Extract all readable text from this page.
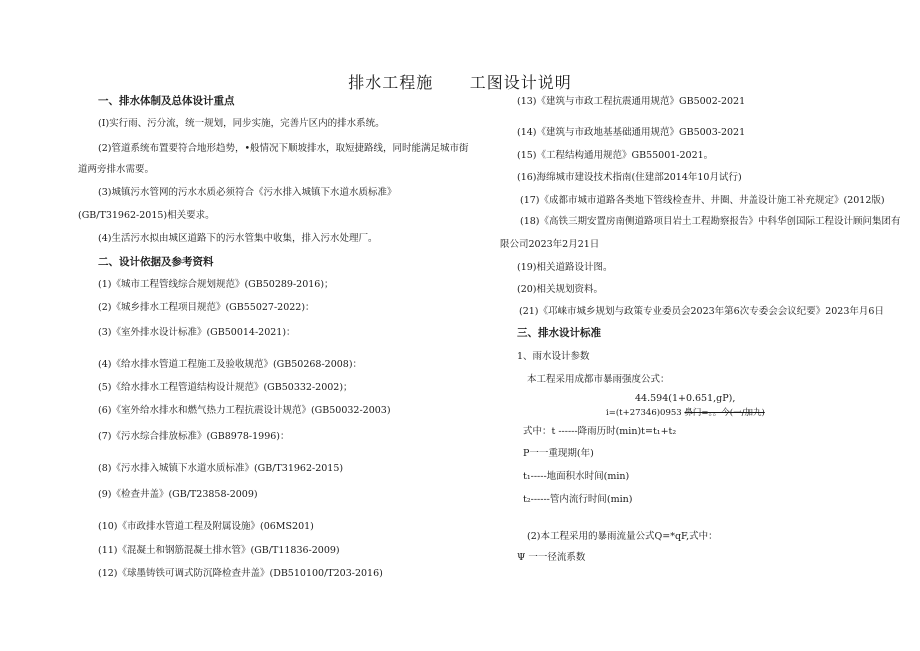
排水工程施      工图设计说明
一、排水体制及总体设计重点
(I)实行雨、污分流，统一规划，同步实施，完善片区内的排水系统。
(2)管道系统布置要符合地形趋势，•般情况下顺坡排水，取短捷路线，同时能满足城市街
道两旁排水需要。
(3)城镇污水管网的污水水质必须符合《污水排入城镇下水道水质标准》
(GB/T31962-2015)相关要求。
(4)生活污水拟由城区道路下的污水管集中收集，排入污水处理厂。
二、设计依据及参考资料
(1)《城市工程管线综合规划规范》(GB50289-2016)；
(2)《城乡排水工程项目规范》(GB55027-2022)：
(3)《室外排水设计标准》(GB50014-2021)：
(4)《给水排水管道工程施工及验收规范》(GB50268-2008)：
(5)《给水排水工程管道结构设计规范》(GB50332-2002)；
(6)《室外给水排水和燃气热力工程抗震设计规范》(GB50032-2003)
(7)《污水综合排放标准》(GB8978-1996)：
(8)《污水排入城镇下水道水质标准》(GB/T31962-2015)
(9)《检查井盖》(GB/T23858-2009)
(10)《市政排水管道工程及附属设施》(06MS201)
(11)《混凝土和钢筋混凝土排水管》(GB/T11836-2009)
(12)《球墨铸铁可调式防沉降检查井盖》(DB510100/T203-2016)
(13)《建筑与市政工程抗震通用规范》GB5002-2021
(14)《建筑与市政地基基础通用规范》GB5003-2021
(15)《工程结构通用规范》GB55001-2021。
(16)海绵城市建设技术指南(住建部2014年10月试行)
(17)《成都市城市道路各类地下管线检查井、井圈、井盖设计施工补充规定》(2012版)
(18)《高铁三期安置房南侧道路项目岩土工程勘察报告》中科华创国际工程设计顾问集团有
限公司2023年2月21日
(19)相关道路设计图。
(20)相关规划资料。
(21)《邛崃市城乡规划与政策专业委员会2023年第6次专委会会议纪要》2023年月6日
三、排水设计标准
1、雨水设计参数
本工程采用成都市暴雨强度公式：
44.594(1+0.651,gP),
i=(t+27346)0953 鼻门=。。今(一/加九)
式中：t ------降雨历时(min)t=t₁+t₂
P一一重现期(年)
t₁-----地面积水时间(min)
t₂------管内流行时间(min)
(2)本工程采用的暴雨流量公式Q=*qF,式中：
Ψ 一一径流系数
